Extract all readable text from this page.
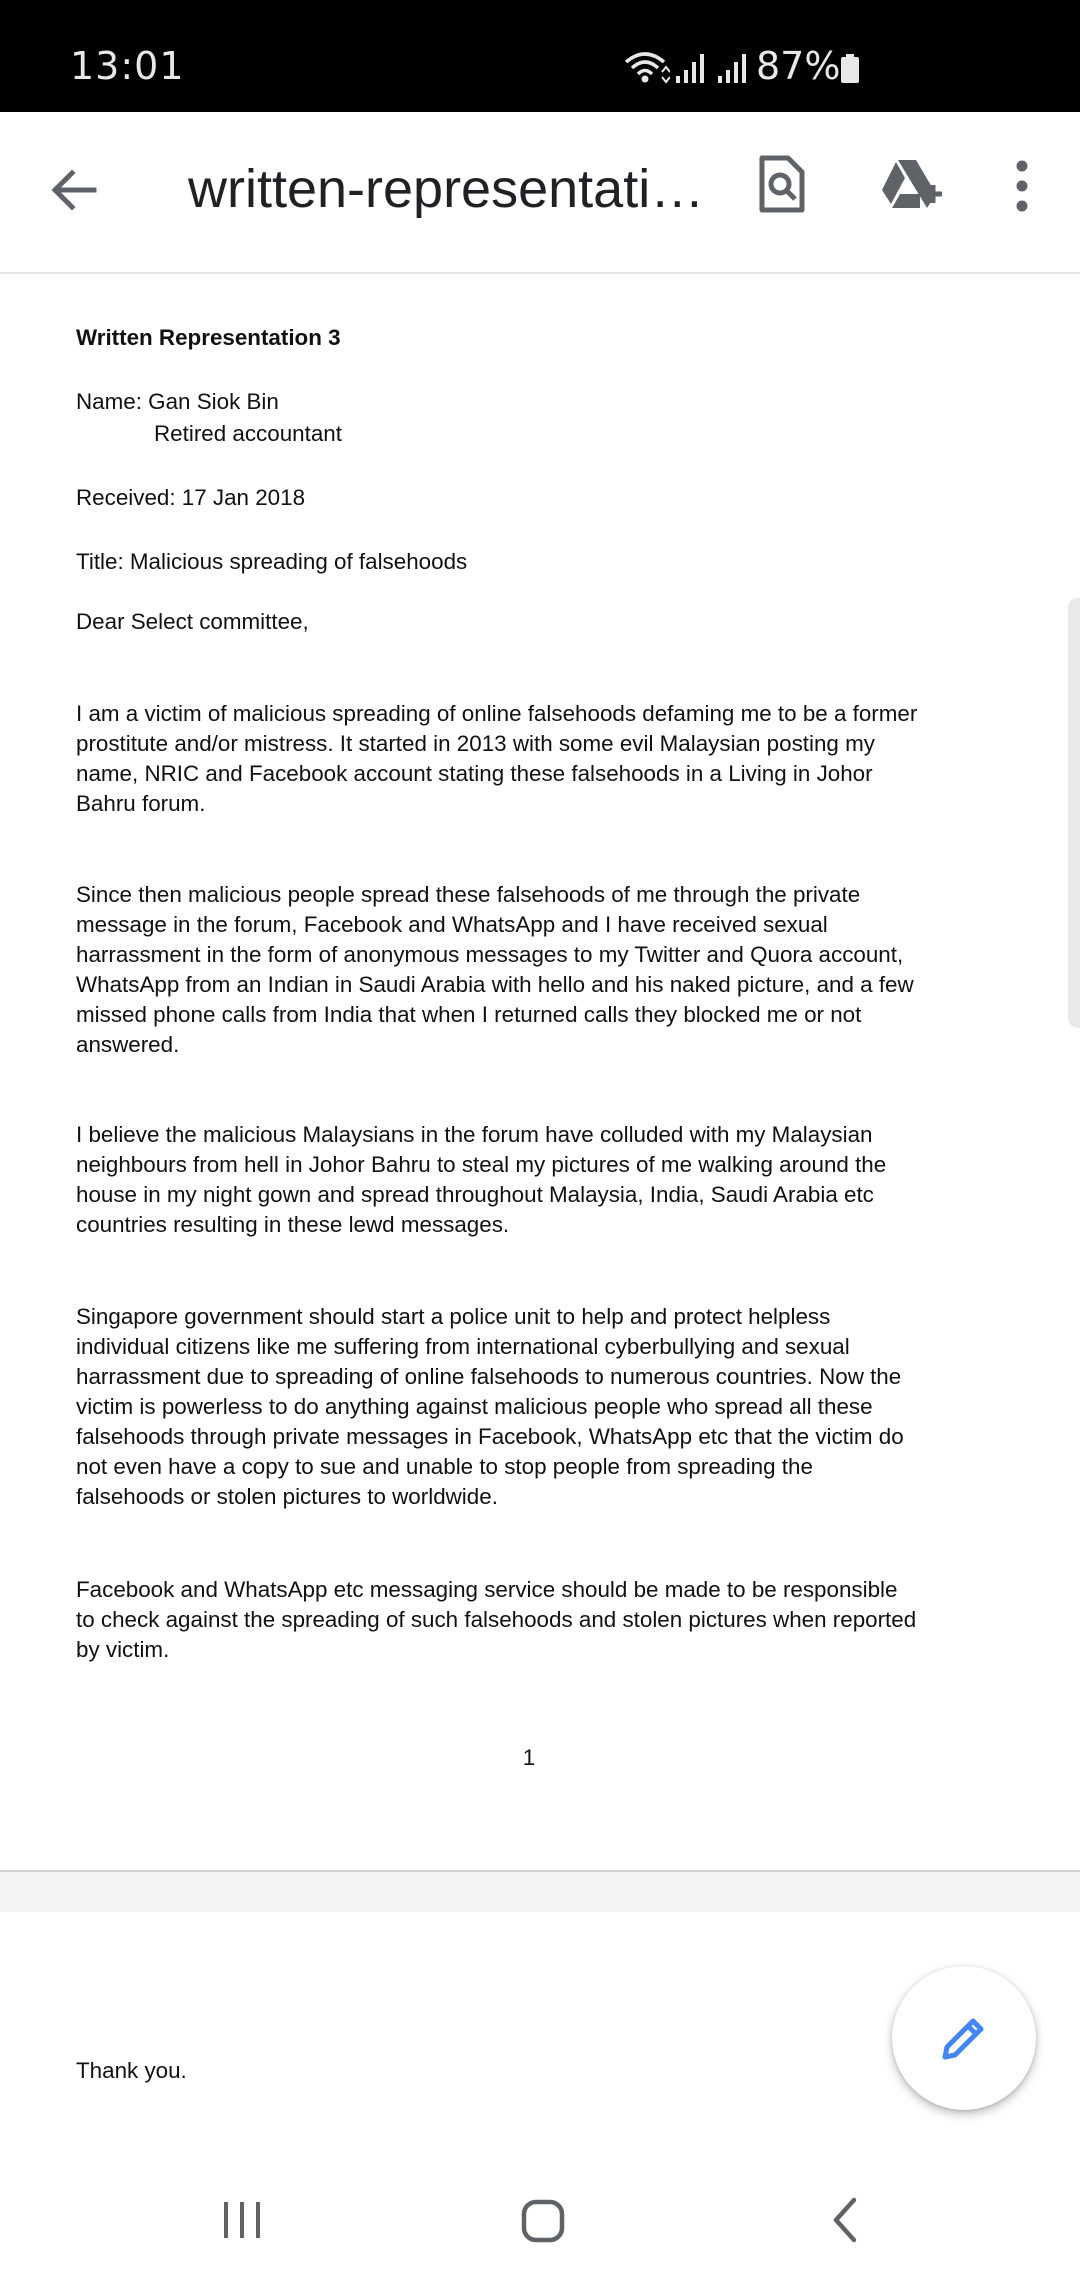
13:01	87%
written-representati…
Written Representation 3
Name: Gan Siok Bin
Retired accountant
Received: 17 Jan 2018
Title: Malicious spreading of falsehoods
Dear Select committee,
I am a victim of malicious spreading of online falsehoods defaming me to be a former
prostitute and/or mistress. It started in 2013 with some evil Malaysian posting my
name, NRIC and Facebook account stating these falsehoods in a Living in Johor
Bahru forum.
Since then malicious people spread these falsehoods of me through the private
message in the forum, Facebook and WhatsApp and I have received sexual
harrassment in the form of anonymous messages to my Twitter and Quora account,
WhatsApp from an Indian in Saudi Arabia with hello and his naked picture, and a few
missed phone calls from India that when I returned calls they blocked me or not
answered.
I believe the malicious Malaysians in the forum have colluded with my Malaysian
neighbours from hell in Johor Bahru to steal my pictures of me walking around the
house in my night gown and spread throughout Malaysia, India, Saudi Arabia etc
countries resulting in these lewd messages.
Singapore government should start a police unit to help and protect helpless
individual citizens like me suffering from international cyberbullying and sexual
harrassment due to spreading of online falsehoods to numerous countries. Now the
victim is powerless to do anything against malicious people who spread all these
falsehoods through private messages in Facebook, WhatsApp etc that the victim do
not even have a copy to sue and unable to stop people from spreading the
falsehoods or stolen pictures to worldwide.
Facebook and WhatsApp etc messaging service should be made to be responsible
to check against the spreading of such falsehoods and stolen pictures when reported
by victim.
1
Thank you.
